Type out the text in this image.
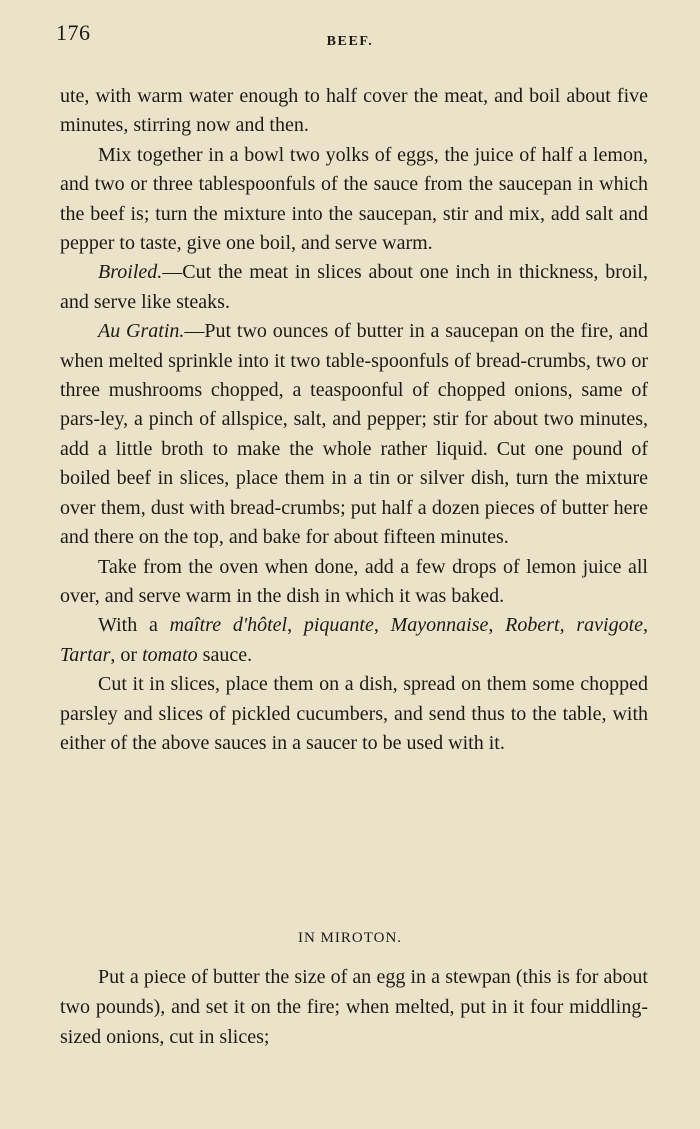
176	BEEF.

ute, with warm water enough to half cover the meat, and boil about five minutes, stirring now and then.

Mix together in a bowl two yolks of eggs, the juice of half a lemon, and two or three tablespoonfuls of the sauce from the saucepan in which the beef is; turn the mixture into the saucepan, stir and mix, add salt and pepper to taste, give one boil, and serve warm.

Broiled.—Cut the meat in slices about one inch in thickness, broil, and serve like steaks.

Au Gratin.—Put two ounces of butter in a saucepan on the fire, and when melted sprinkle into it two table-spoonfuls of bread-crumbs, two or three mushrooms chopped, a teaspoonful of chopped onions, same of pars-ley, a pinch of allspice, salt, and pepper; stir for about two minutes, add a little broth to make the whole rather liquid. Cut one pound of boiled beef in slices, place them in a tin or silver dish, turn the mixture over them, dust with bread-crumbs; put half a dozen pieces of butter here and there on the top, and bake for about fifteen minutes.

Take from the oven when done, add a few drops of lemon juice all over, and serve warm in the dish in which it was baked.

With a maître d'hôtel, piquante, Mayonnaise, Robert, ravigote, Tartar, or tomato sauce.

Cut it in slices, place them on a dish, spread on them some chopped parsley and slices of pickled cucumbers, and send thus to the table, with either of the above sauces in a saucer to be used with it.

IN MIROTON.

Put a piece of butter the size of an egg in a stewpan (this is for about two pounds), and set it on the fire; when melted, put in it four middling-sized onions, cut in slices;
